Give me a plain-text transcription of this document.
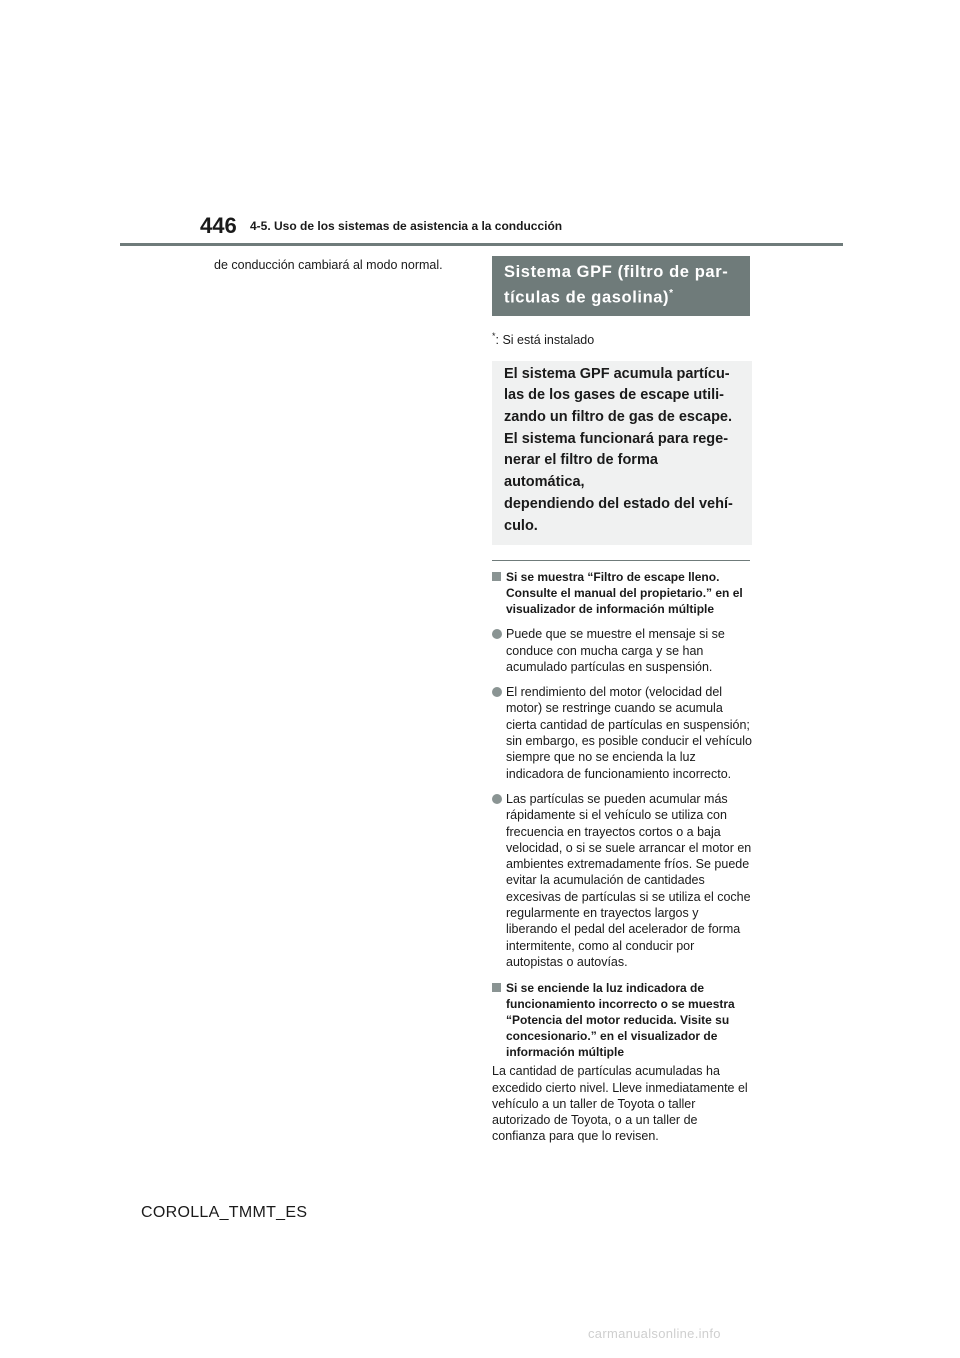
446 4-5. Uso de los sistemas de asistencia a la conducción
de conducción cambiará al modo normal.	Sistema GPF (filtro de par-
tículas de gasolina)*
*: Si está instalado
El sistema GPF acumula partícu-
las de los gases de escape utili-
zando un filtro de gas de escape.
El sistema funcionará para rege-
nerar el filtro de forma automática,
dependiendo del estado del vehí-
culo.
Si se muestra “Filtro de escape lleno. Consulte el manual del propietario.” en el visualizador de información múltiple
Puede que se muestre el mensaje si se conduce con mucha carga y se han acumulado partículas en suspensión.
El rendimiento del motor (velocidad del motor) se restringe cuando se acumula cierta cantidad de partículas en suspensión; sin embargo, es posible conducir el vehículo siempre que no se encienda la luz indicadora de funcionamiento incorrecto.
Las partículas se pueden acumular más rápidamente si el vehículo se utiliza con frecuencia en trayectos cortos o a baja velocidad, o si se suele arrancar el motor en ambientes extremadamente fríos. Se puede evitar la acumulación de cantidades excesivas de partículas si se utiliza el coche regularmente en trayectos largos y liberando el pedal del acelerador de forma intermitente, como al conducir por autopistas o autovías.
Si se enciende la luz indicadora de funcionamiento incorrecto o se muestra “Potencia del motor reducida. Visite su concesionario.” en el visualizador de información múltiple
La cantidad de partículas acumuladas ha excedido cierto nivel. Lleve inmediatamente el vehículo a un taller de Toyota o taller autorizado de Toyota, o a un taller de confianza para que lo revisen.
COROLLA_TMMT_ES
carmanualsonline.info
